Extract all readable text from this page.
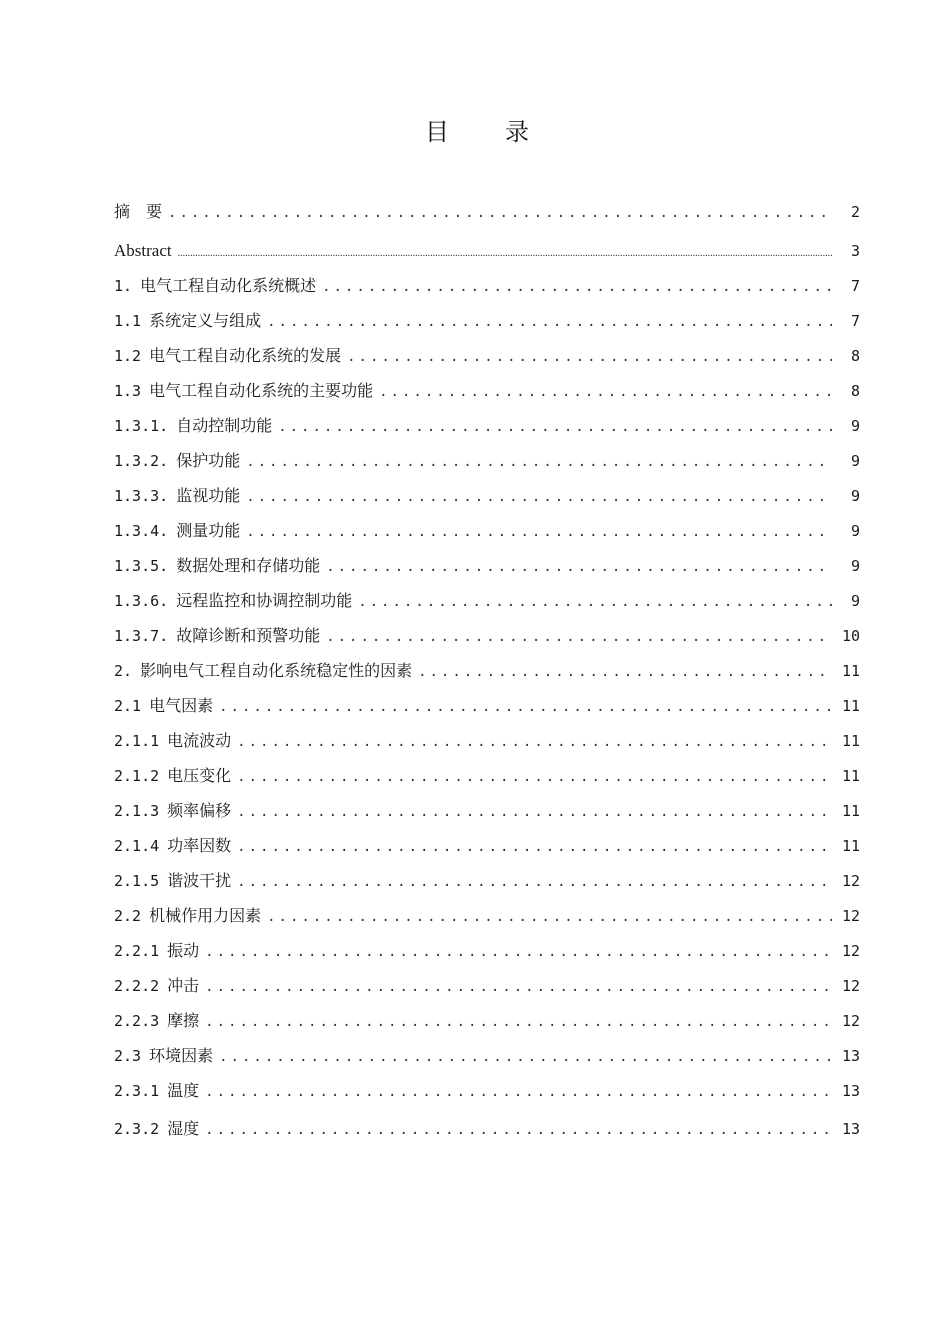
目　录
摘　要 .....	2
Abstract .....	3
1. 电气工程自动化系统概述 .....	7
1.1 系统定义与组成 .....	7
1.2 电气工程自动化系统的发展 .....	8
1.3 电气工程自动化系统的主要功能 .....	8
1.3.1. 自动控制功能 .....	9
1.3.2. 保护功能 .....	9
1.3.3. 监视功能 .....	9
1.3.4. 测量功能 .....	9
1.3.5. 数据处理和存储功能 .....	9
1.3.6. 远程监控和协调控制功能 .....	9
1.3.7. 故障诊断和预警功能 .....	10
2. 影响电气工程自动化系统稳定性的因素 .....	11
2.1 电气因素 .....	11
2.1.1 电流波动 .....	11
2.1.2 电压变化 .....	11
2.1.3 频率偏移 .....	11
2.1.4 功率因数 .....	11
2.1.5 谐波干扰 .....	12
2.2 机械作用力因素 .....	12
2.2.1 振动 .....	12
2.2.2 冲击 .....	12
2.2.3 摩擦 .....	12
2.3 环境因素 .....	13
2.3.1 温度 .....	13
2.3.2 湿度 .....	13
